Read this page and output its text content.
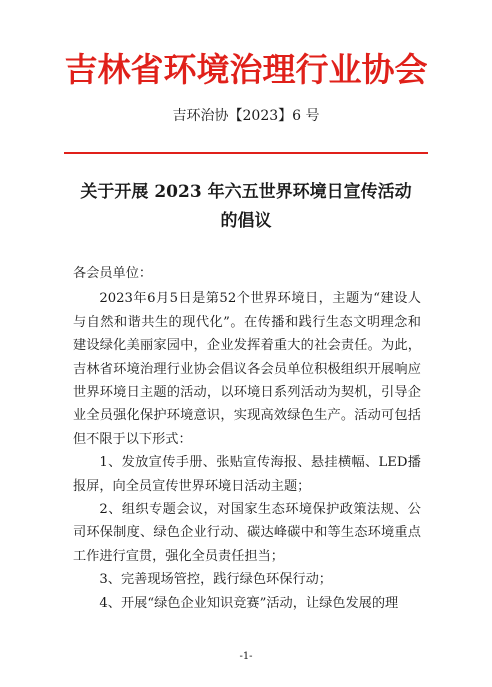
吉林省环境治理行业协会
吉环治协【2023】6 号
关于开展 2023 年六五世界环境日宣传活动
的倡议

各会员单位：

2023年6月5日是第52个世界环境日，主题为“建设人与自然和谐共生的现代化”。在传播和践行生态文明理念和建设绿化美丽家园中，企业发挥着重大的社会责任。为此，吉林省环境治理行业协会倡议各会员单位积极组织开展响应世界环境日主题的活动，以环境日系列活动为契机，引导企业全员强化保护环境意识，实现高效绿色生产。活动可包括但不限于以下形式：

1、发放宣传手册、张贴宣传海报、悬挂横幅、LED播报屏，向全员宣传世界环境日活动主题；

2、组织专题会议，对国家生态环境保护政策法规、公司环保制度、绿色企业行动、碳达峰碳中和等生态环境重点工作进行宣贯，强化全员责任担当；

3、完善现场管控，践行绿色环保行动；

4、开展“绿色企业知识竞赛”活动，让绿色发展的理

-1-
